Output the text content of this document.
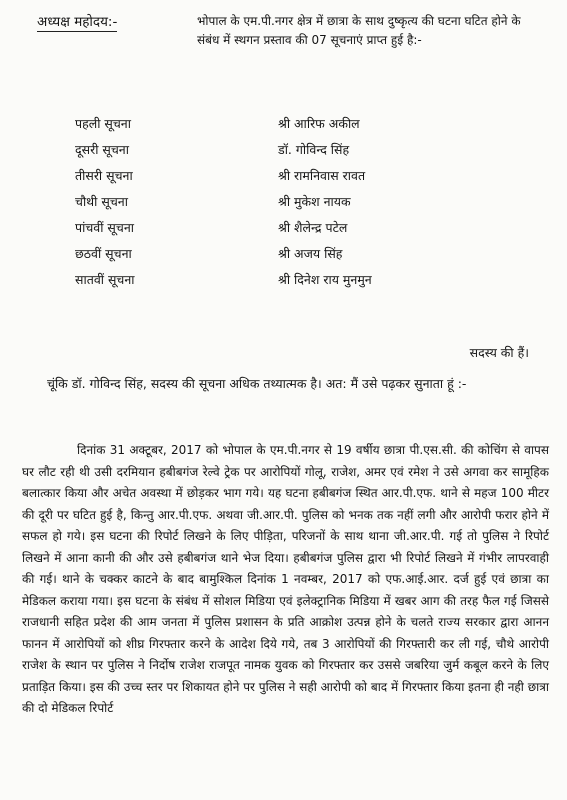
अध्यक्ष महोदय:-	भोपाल के एम.पी.नगर क्षेत्र में छात्रा के साथ दुष्कृत्य की घटना घटित होने के संबंध में स्थगन प्रस्ताव की 07 सूचनाएं प्राप्त हुई है:-
पहली सूचना	श्री आरिफ अकील
दूसरी सूचना	डॉ. गोविन्द सिंह
तीसरी सूचना	श्री रामनिवास रावत
चौथी सूचना	श्री मुकेश नायक
पांचवीं सूचना	श्री शैलेन्द्र पटेल
छठवीं सूचना	श्री अजय सिंह
सातवीं सूचना	श्री दिनेश राय मुनमुन
सदस्य की हैं।
चूंकि डॉ. गोविन्द सिंह, सदस्य की सूचना अधिक तथ्यात्मक है। अत: मैं उसे पढ़कर सुनाता हूं :-
दिनांक 31 अक्टूबर, 2017 को भोपाल के एम.पी.नगर से 19 वर्षीय छात्रा पी.एस.सी. की कोचिंग से वापस घर लौट रही थी उसी दरमियान हबीबगंज रेल्वे ट्रेक पर आरोपियों गोलू, राजेश, अमर एवं रमेश ने उसे अगवा कर सामूहिक बलात्कार किया और अचेत अवस्था में छोड़कर भाग गये। यह घटना हबीबगंज स्थित आर.पी.एफ. थाने से महज 100 मीटर की दूरी पर घटित हुई है, किन्तु आर.पी.एफ. अथवा जी.आर.पी. पुलिस को भनक तक नहीं लगी और आरोपी फरार होने में सफल हो गये। इस घटना की रिपोर्ट लिखने के लिए पीड़िता, परिजनों के साथ थाना जी.आर.पी. गई तो पुलिस ने रिपोर्ट लिखने में आना कानी की और उसे हबीबगंज थाने भेज दिया। हबीबगंज पुलिस द्वारा भी रिपोर्ट लिखने में गंभीर लापरवाही की गई। थाने के चक्कर काटने के बाद बामुश्किल दिनांक 1 नवम्बर, 2017 को एफ.आई.आर. दर्ज हुई एवं छात्रा का मेडिकल कराया गया। इस घटना के संबंध में सोशल मिडिया एवं इलेक्ट्रानिक मिडिया में खबर आग की तरह फैल गई जिससे राजधानी सहित प्रदेश की आम जनता में पुलिस प्रशासन के प्रति आक्रोश उत्पन्न होने के चलते राज्य सरकार द्वारा आनन फानन में आरोपियों को शीघ्र गिरफ्तार करने के आदेश दिये गये, तब 3 आरोपियों की गिरफ्तारी कर ली गई, चौथे आरोपी राजेश के स्थान पर पुलिस ने निर्दोष राजेश राजपूत नामक युवक को गिरफ्तार कर उससे जबरिया जुर्म कबूल करने के लिए प्रताड़ित किया। इस की उच्च स्तर पर शिकायत होने पर पुलिस ने सही आरोपी को बाद में गिरफ्तार किया इतना ही नही छात्रा की दो मेडिकल रिपोर्ट
